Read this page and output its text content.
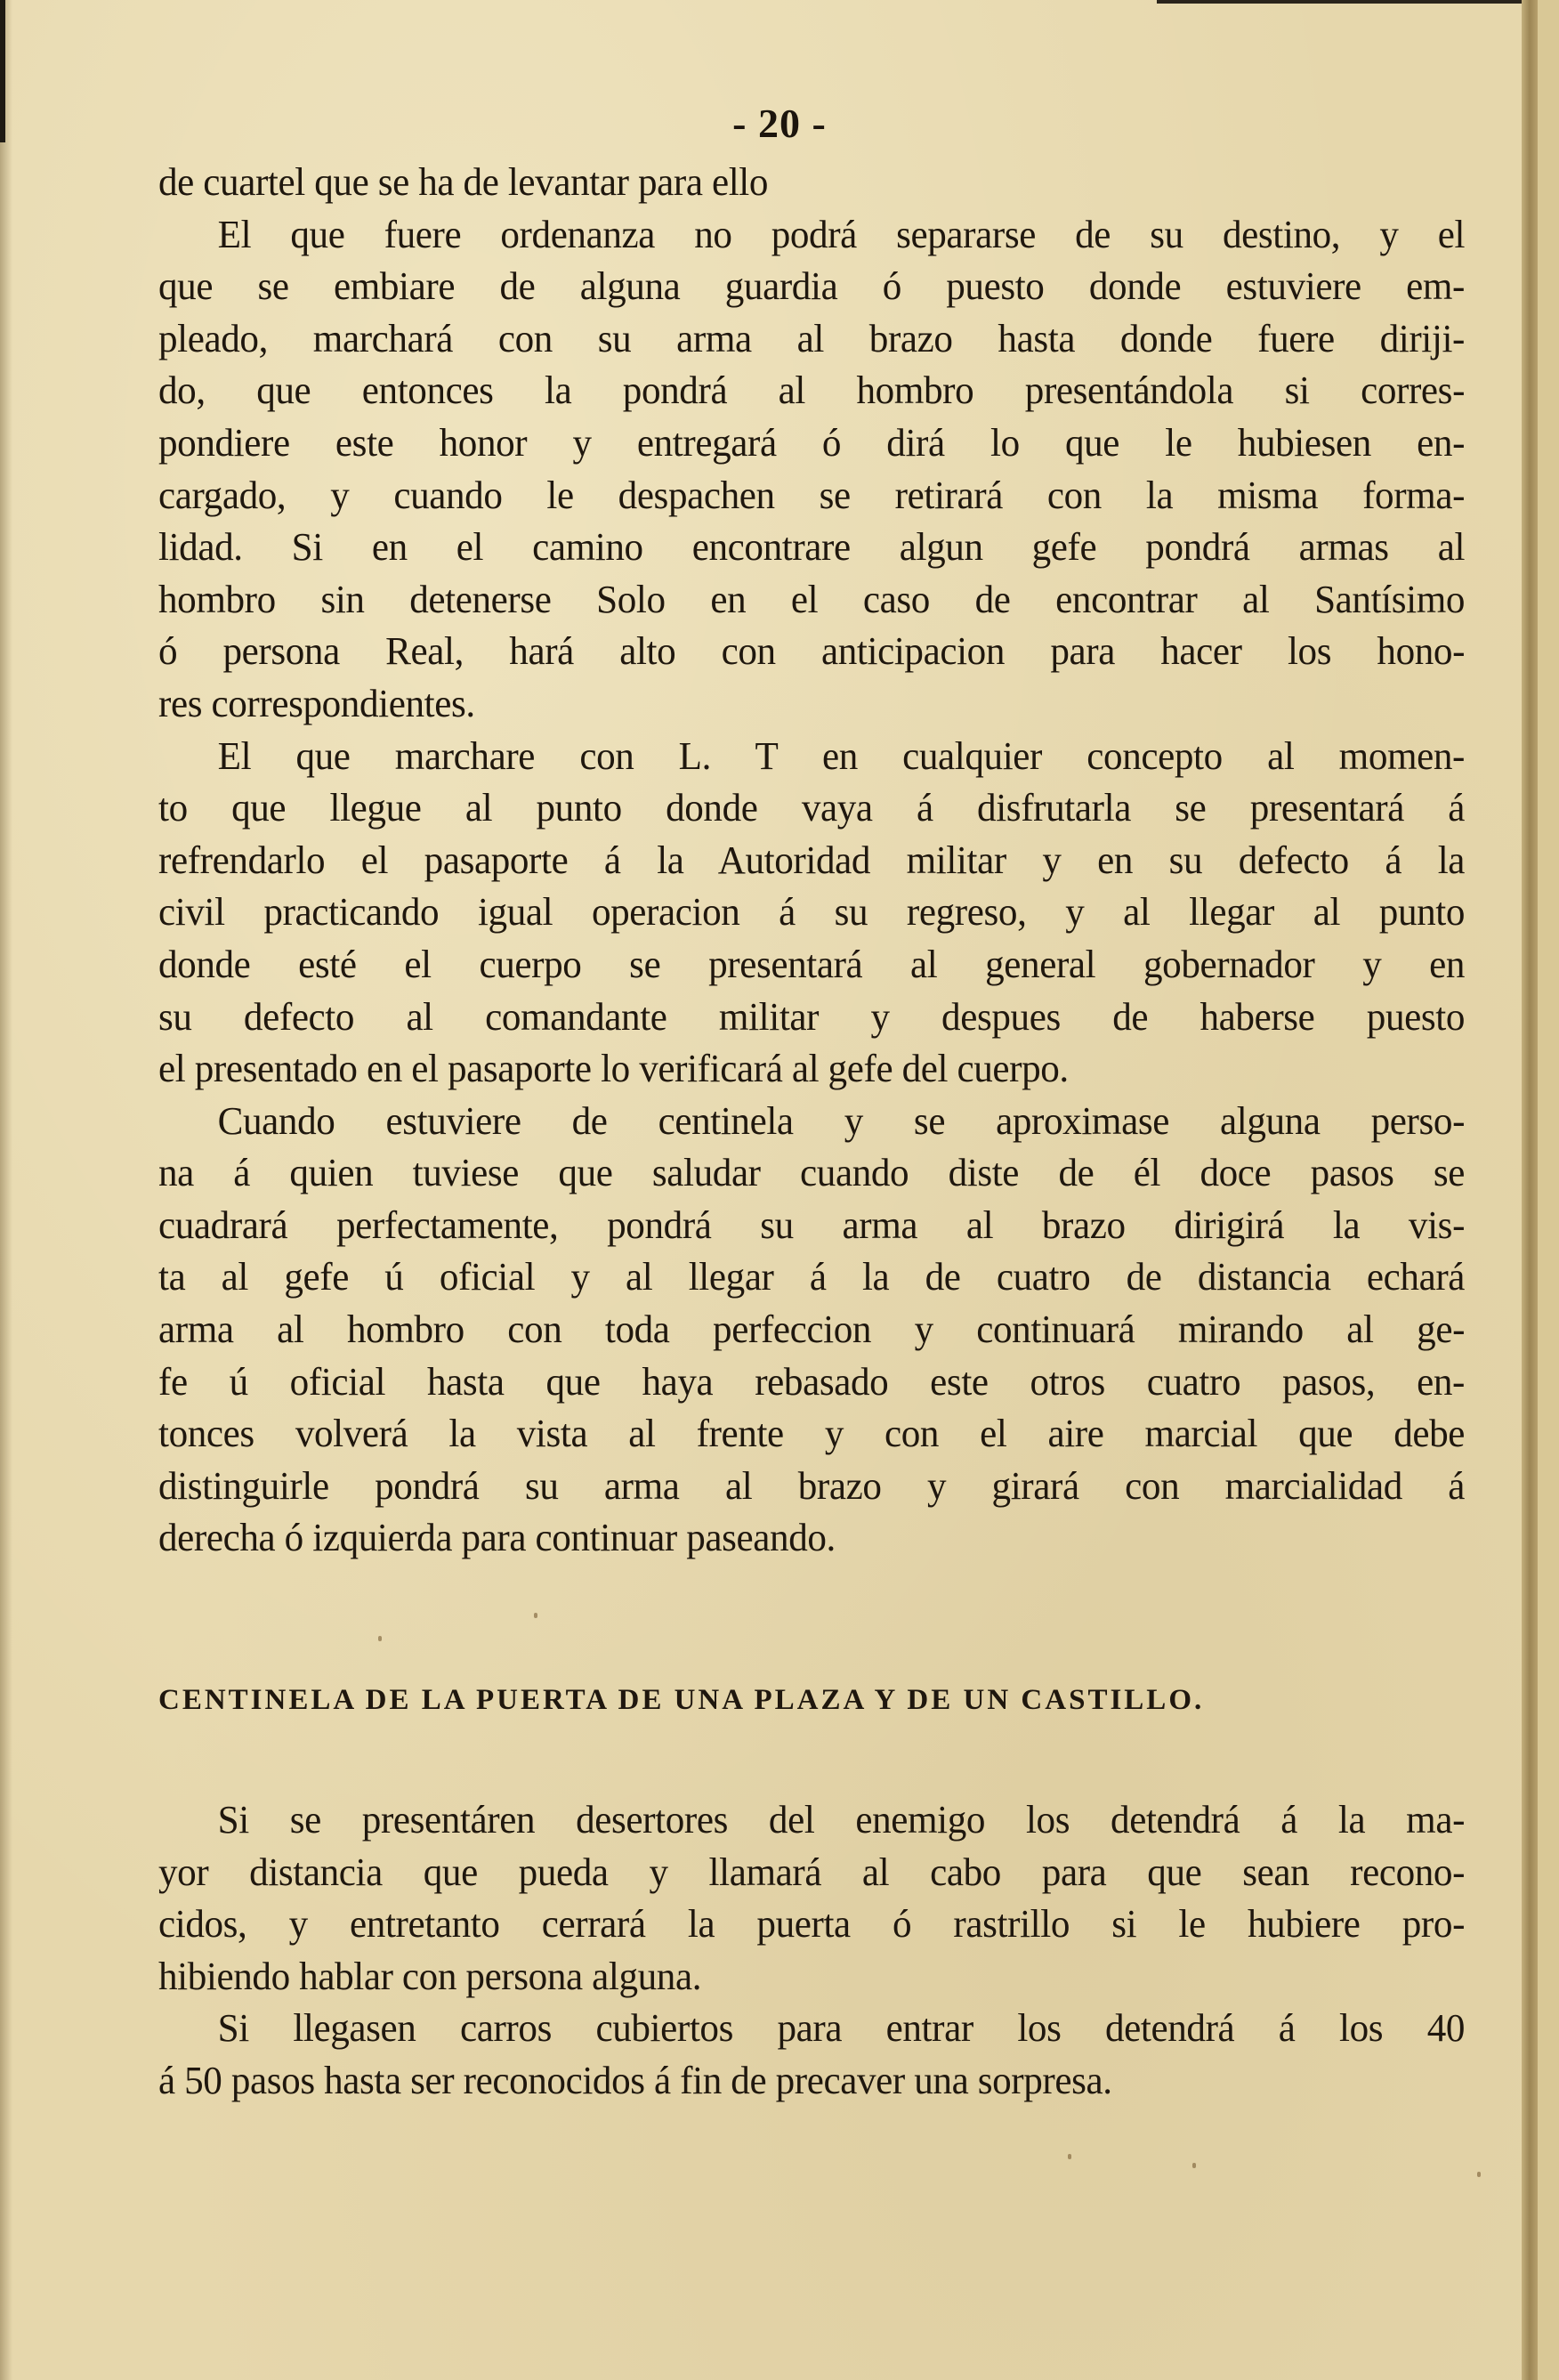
- 20 -
de cuartel que se ha de levantar para ello
El que fuere ordenanza no podrá separarse de su destino, y el
que se embiare de alguna guardia ó puesto donde estuviere em-
pleado, marchará con su arma al brazo hasta donde fuere diriji-
do, que entonces la pondrá al hombro presentándola si corres-
pondiere este honor y entregará ó dirá lo que le hubiesen en-
cargado, y cuando le despachen se retirará con la misma forma-
lidad. Si en el camino encontrare algun gefe pondrá armas al
hombro sin detenerse Solo en el caso de encontrar al Santísimo
ó persona Real, hará alto con anticipacion para hacer los hono-
res correspondientes.
El que marchare con L. T en cualquier concepto al momen-
to que llegue al punto donde vaya á disfrutarla se presentará á
refrendarlo el pasaporte á la Autoridad militar y en su defecto á la
civil practicando igual operacion á su regreso, y al llegar al punto
donde esté el cuerpo se presentará al general gobernador y en
su defecto al comandante militar y despues de haberse puesto
el presentado en el pasaporte lo verificará al gefe del cuerpo.
Cuando estuviere de centinela y se aproximase alguna perso-
na á quien tuviese que saludar cuando diste de él doce pasos se
cuadrará perfectamente, pondrá su arma al brazo dirigirá la vis-
ta al gefe ú oficial y al llegar á la de cuatro de distancia echará
arma al hombro con toda perfeccion y continuará mirando al ge-
fe ú oficial hasta que haya rebasado este otros cuatro pasos, en-
tonces volverá la vista al frente y con el aire marcial que debe
distinguirle pondrá su arma al brazo y girará con marcialidad á
derecha ó izquierda para continuar paseando.
CENTINELA DE LA PUERTA DE UNA PLAZA Y DE UN CASTILLO.
Si se presentáren desertores del enemigo los detendrá á la ma-
yor distancia que pueda y llamará al cabo para que sean recono-
cidos, y entretanto cerrará la puerta ó rastrillo si le hubiere pro-
hibiendo hablar con persona alguna.
Si llegasen carros cubiertos para entrar los detendrá á los 40
á 50 pasos hasta ser reconocidos á fin de precaver una sorpresa.
